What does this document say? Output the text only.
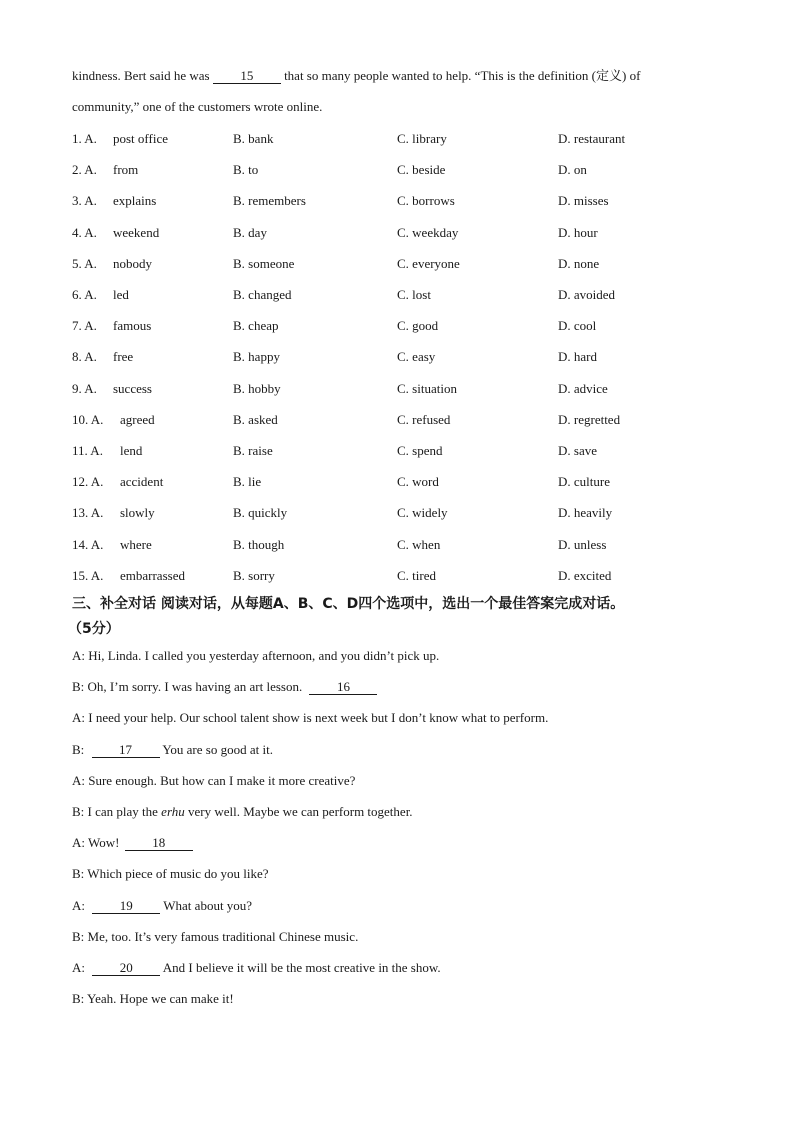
kindness. Bert said he was 15 that so many people wanted to help. “This is the definition (定义) of
community,” one of the customers wrote online.
1. A. post office	B. bank	C. library	D. restaurant
2. A. from	B. to	C. beside	D. on
3. A. explains	B. remembers	C. borrows	D. misses
4. A. weekend	B. day	C. weekday	D. hour
5. A. nobody	B. someone	C. everyone	D. none
6. A. led	B. changed	C. lost	D. avoided
7. A. famous	B. cheap	C. good	D. cool
8. A. free	B. happy	C. easy	D. hard
9. A. success	B. hobby	C. situation	D. advice
10. A. agreed	B. asked	C. refused	D. regretted
11. A. lend	B. raise	C. spend	D. save
12. A. accident	B. lie	C. word	D. culture
13. A. slowly	B. quickly	C. widely	D. heavily
14. A. where	B. though	C. when	D. unless
15. A. embarrassed	B. sorry	C. tired	D. excited
三、补全对话 阅读对话，从每题A、B、C、D四个选项中，选出一个最佳答案完成对话。
（5分）
A: Hi, Linda. I called you yesterday afternoon, and you didn’t pick up.
B: Oh, I’m sorry. I was having an art lesson.	16
A: I need your help. Our school talent show is next week but I don’t know what to perform.
B:	17 You are so good at it.
A: Sure enough. But how can I make it more creative?
B: I can play the erhu very well. Maybe we can perform together.
A: Wow!	18
B: Which piece of music do you like?
A:	19 What about you?
B: Me, too. It’s very famous traditional Chinese music.
A:	20 And I believe it will be the most creative in the show.
B: Yeah. Hope we can make it!
